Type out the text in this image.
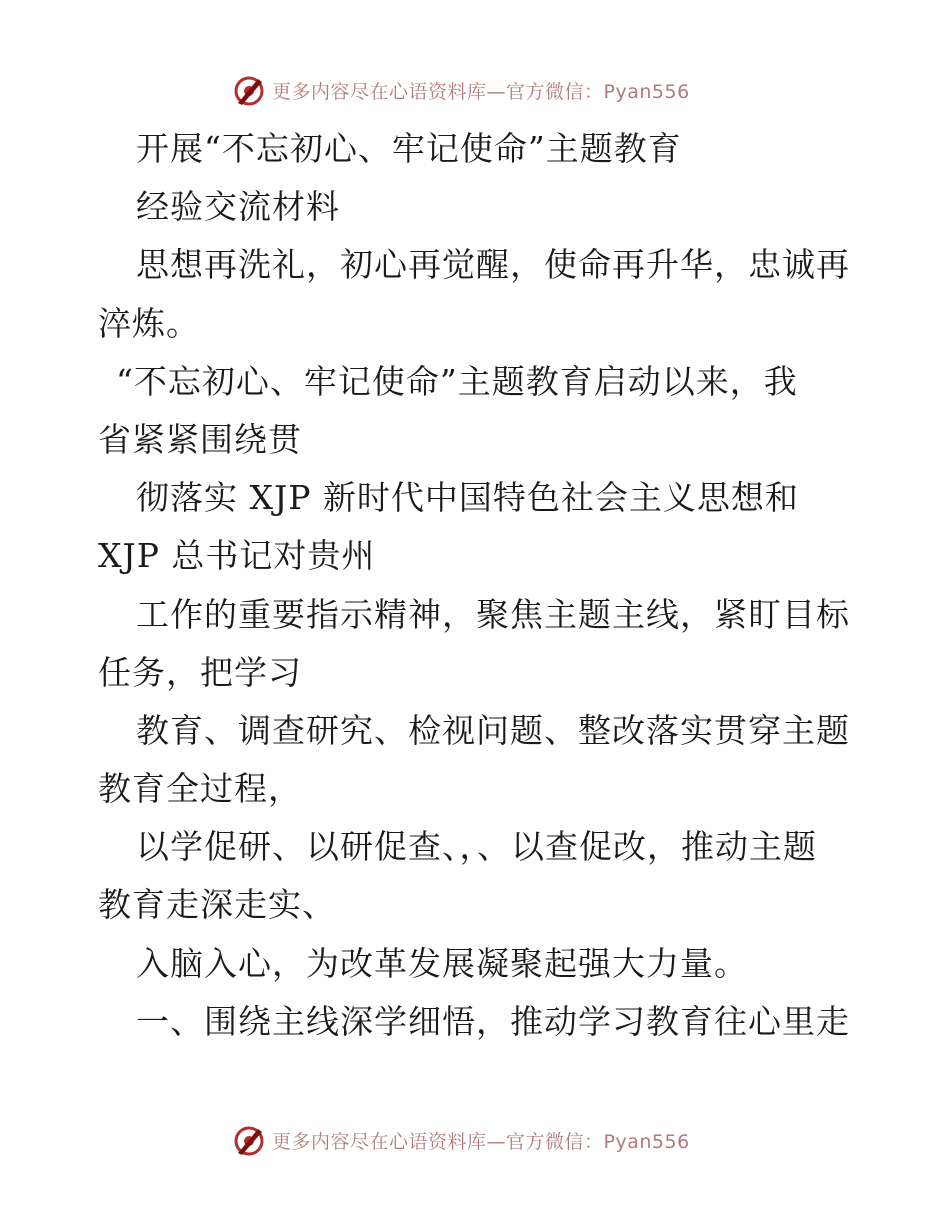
更多内容尽在心语资料库—官方微信：Pyan556
开展“不忘初心、牢记使命”主题教育
经验交流材料
思想再洗礼，初心再觉醒，使命再升华，忠诚再
淬炼。
“不忘初心、牢记使命”主题教育启动以来，我
省紧紧围绕贯
彻落实 XJP 新时代中国特色社会主义思想和
XJP 总书记对贵州
工作的重要指示精神，聚焦主题主线，紧盯目标
任务，把学习
教育、调查研究、检视问题、整改落实贯穿主题
教育全过程，
以学促研、以研促查、，、以查促改，推动主题
教育走深走实、
入脑入心，为改革发展凝聚起强大力量。
一、围绕主线深学细悟，推动学习教育往心里走
更多内容尽在心语资料库—官方微信：Pyan556
